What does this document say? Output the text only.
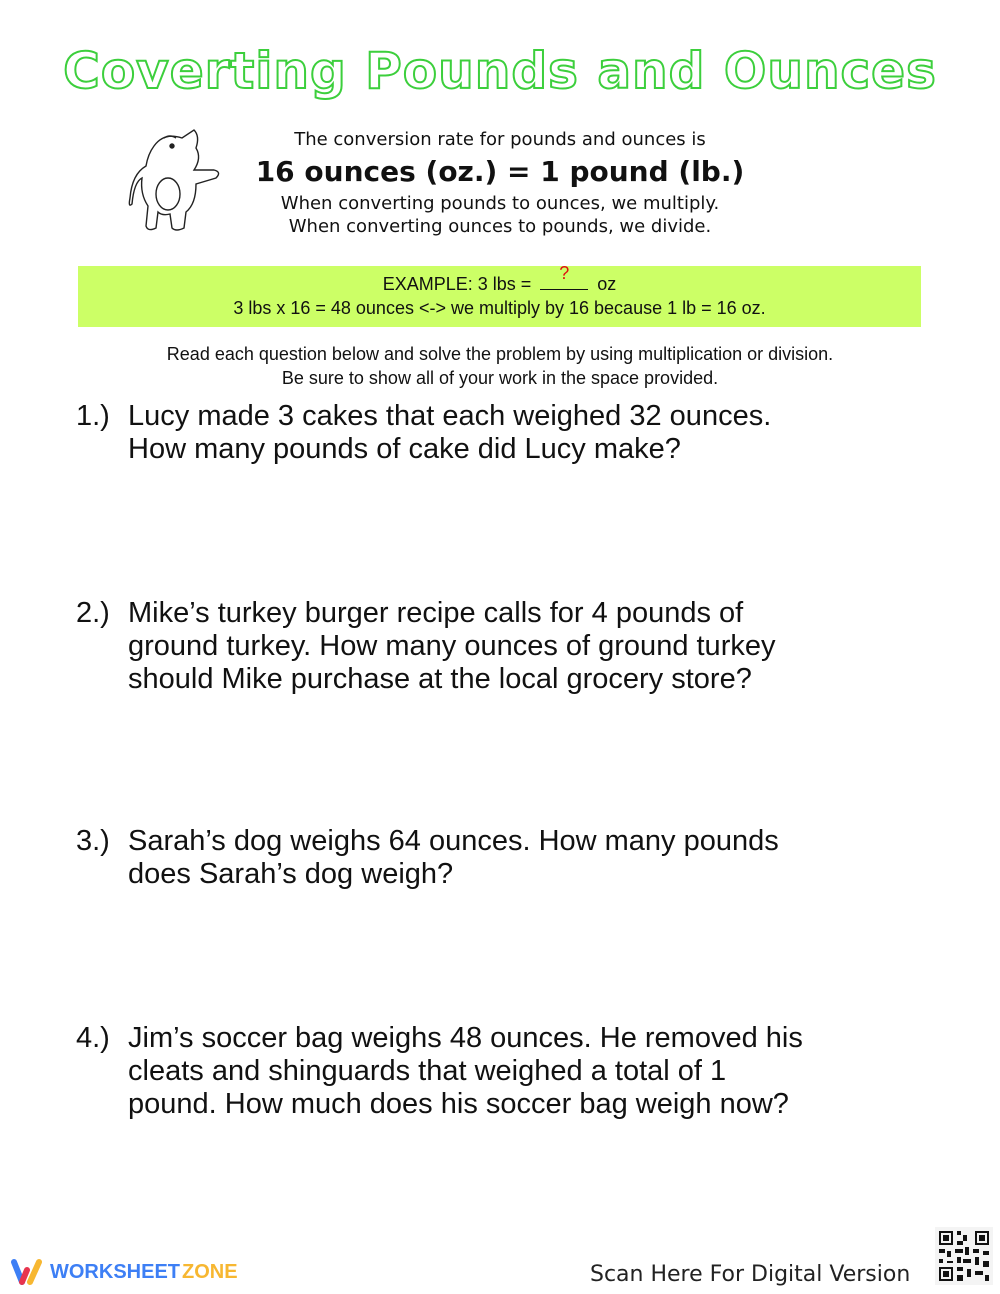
Coverting Pounds and Ounces
The conversion rate for pounds and ounces is
16 ounces (oz.) = 1 pound (lb.)
When converting pounds to ounces, we multiply.
When converting ounces to pounds, we divide.
EXAMPLE: 3 lbs =
?
oz
3 lbs x 16 = 48 ounces <-> we multiply by 16 because 1 lb = 16 oz.
Read each question below and solve the problem by using multiplication or division.
Be sure to show all of your work in the space provided.
1.) Lucy made 3 cakes that each weighed 32 ounces.
How many pounds of cake did Lucy make?
2.) Mike’s turkey burger recipe calls for 4 pounds of
ground turkey. How many ounces of ground turkey
should Mike purchase at the local grocery store?
3.) Sarah’s dog weighs 64 ounces. How many pounds
does Sarah’s dog weigh?
4.) Jim’s soccer bag weighs 48 ounces. He removed his
cleats and shinguards that weighed a total of 1
pound. How much does his soccer bag weigh now?
WORKSHEET ZONE	Scan Here For Digital Version
